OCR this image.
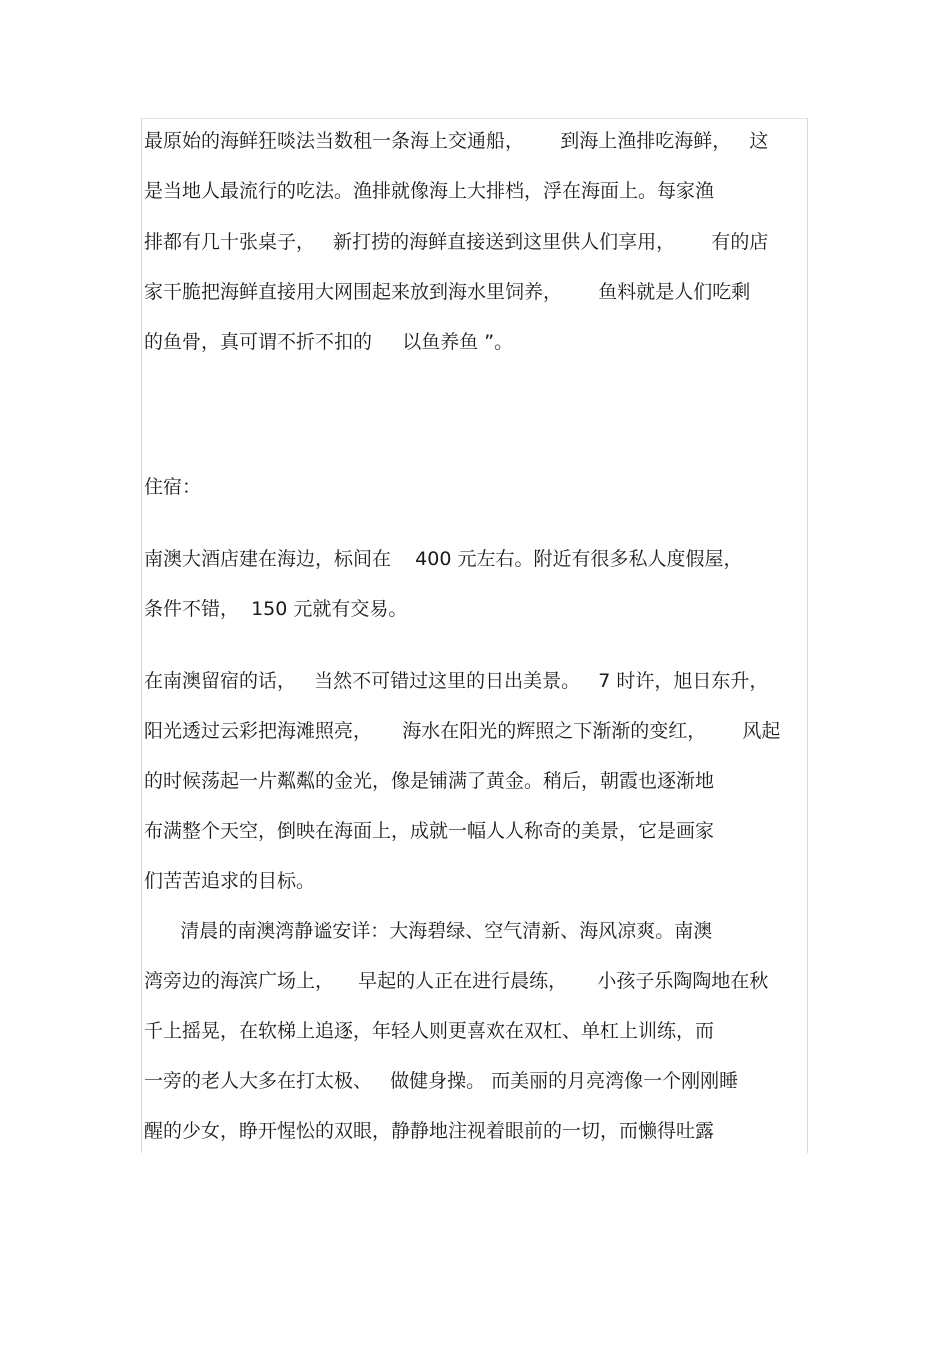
最原始的海鲜狂啖法当数租一条海上交通船，      到海上渔排吃海鲜，   这
是当地人最流行的吃法。渔排就像海上大排档，浮在海面上。每家渔
排都有几十张桌子，   新打捞的海鲜直接送到这里供人们享用，      有的店
家干脆把海鲜直接用大网围起来放到海水里饲养，      鱼料就是人们吃剩
的鱼骨，真可谓不折不扣的     以鱼养鱼 ”。
住宿：
南澳大酒店建在海边，标间在    400 元左右。附近有很多私人度假屋，
条件不错，  150 元就有交易。
在南澳留宿的话，   当然不可错过这里的日出美景。   7 时许，旭日东升，
阳光透过云彩把海滩照亮，     海水在阳光的辉照之下渐渐的变红，      风起
的时候荡起一片粼粼的金光，像是铺满了黄金。稍后，朝霞也逐渐地
布满整个天空，倒映在海面上，成就一幅人人称奇的美景，它是画家
们苦苦追求的目标。
清晨的南澳湾静谧安详：大海碧绿、空气清新、海风凉爽。南澳
湾旁边的海滨广场上，    早起的人正在进行晨练，     小孩子乐陶陶地在秋
千上摇晃，在软梯上追逐，年轻人则更喜欢在双杠、单杠上训练，而
一旁的老人大多在打太极、   做健身操。 而美丽的月亮湾像一个刚刚睡
醒的少女，睁开惺忪的双眼，静静地注视着眼前的一切，而懒得吐露
